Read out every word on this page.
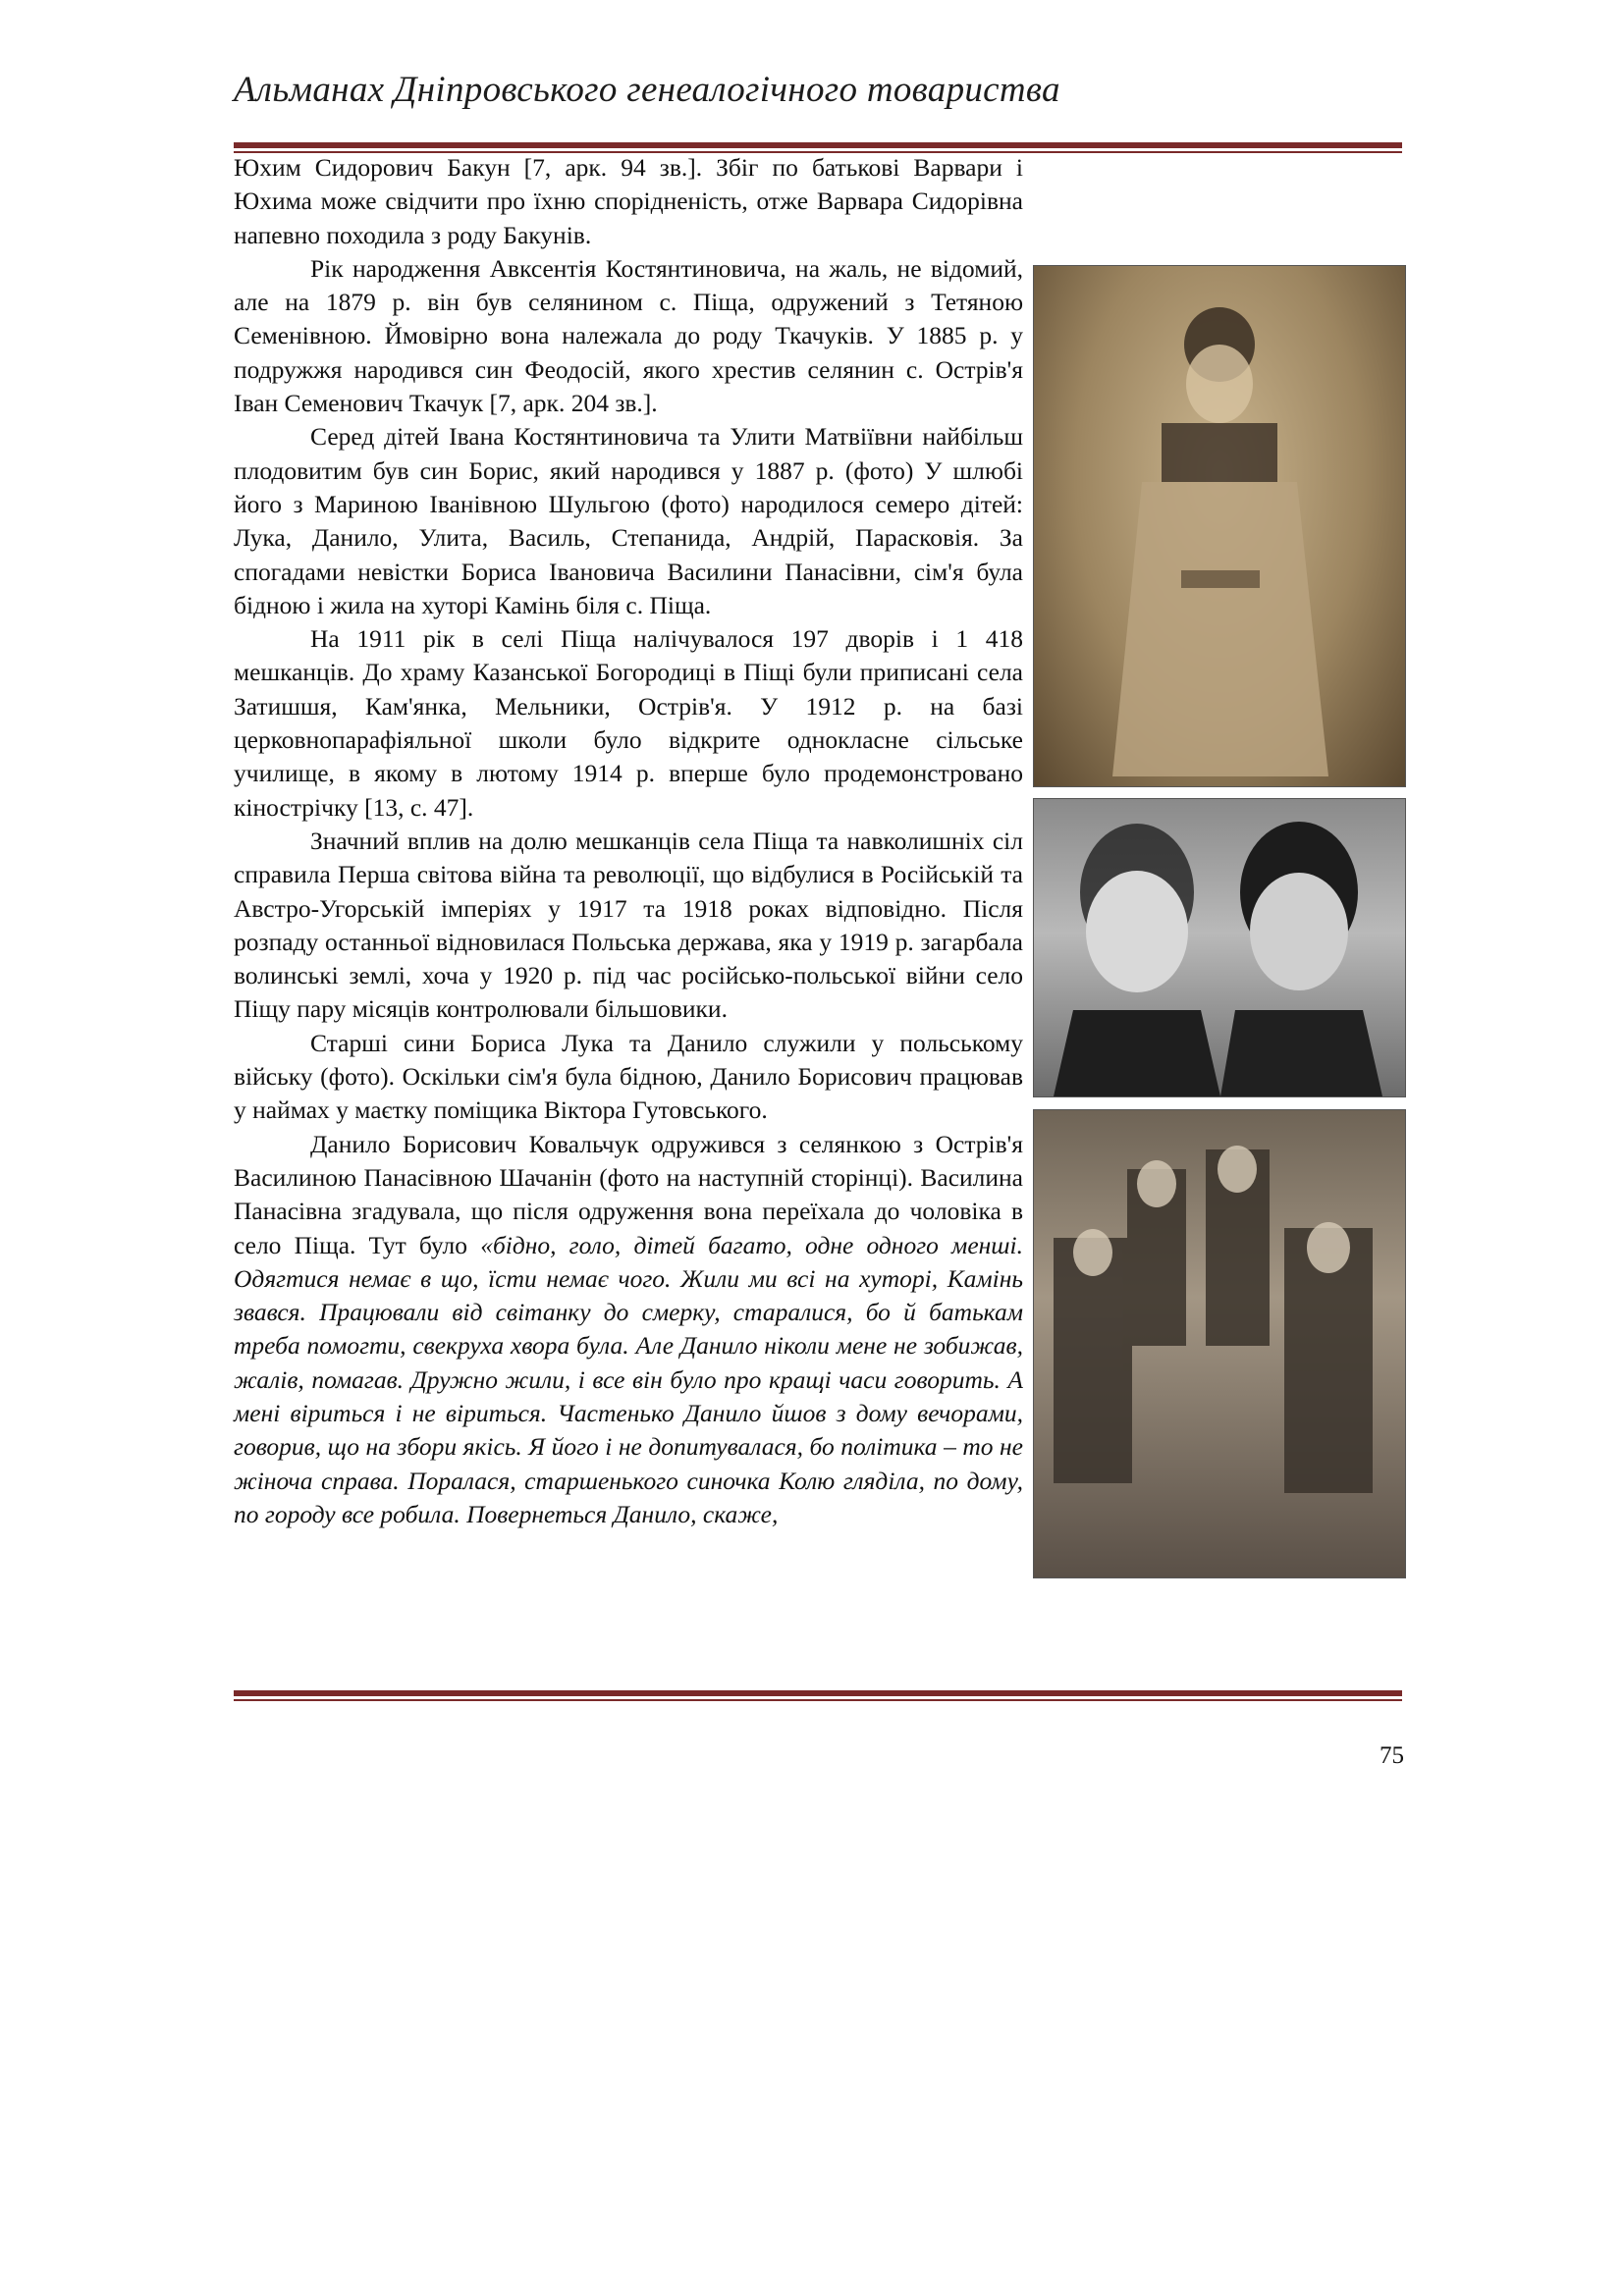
Альманах Дніпровського генеалогічного товариства

Юхим Сидорович Бакун [7, арк. 94 зв.]. Збіг по батькові Варвари і Юхима може свідчити про їхню спорідненість, отже Варвара Сидорівна напевно походила з роду Бакунів.

Рік народження Авксентія Костянтиновича, на жаль, не відомий, але на 1879 р. він був селянином с. Піща, одружений з Тетяною Семенівною. Ймовірно вона належала до роду Ткачуків. У 1885 р. у подружжя народився син Феодосій, якого хрестив селянин с. Острів'я Іван Семенович Ткачук [7, арк. 204 зв.].

Серед дітей Івана Костянтиновича та Улити Матвіївни найбільш плодовитим був син Борис, який народився у 1887 р. (фото) У шлюбі його з Мариною Іванівною Шульгою (фото) народилося семеро дітей: Лука, Данило, Улита, Василь, Степанида, Андрій, Парасковія. За спогадами невістки Бориса Івановича Василини Панасівни, сім'я була бідною і жила на хуторі Камінь біля с. Піща.

На 1911 рік в селі Піща налічувалося 197 дворів і 1 418 мешканців. До храму Казанської Богородиці в Піщі були приписані села Затишшя, Кам'янка, Мельники, Острів'я. У 1912 р. на базі церковнопарафіяльної школи було відкрите однокласне сільське училище, в якому в лютому 1914 р. вперше було продемонстровано кінострічку [13, с. 47].

Значний вплив на долю мешканців села Піща та навколишніх сіл справила Перша світова війна та революції, що відбулися в Російській та Австро-Угорській імперіях у 1917 та 1918 роках відповідно. Після розпаду останньої відновилася Польська держава, яка у 1919 р. загарбала волинські землі, хоча у 1920 р. під час російсько-польської війни село Піщу пару місяців контролювали більшовики.

Старші сини Бориса Лука та Данило служили у польському війську (фото). Оскільки сім'я була бідною, Данило Борисович працював у наймах у маєтку поміщика Віктора Гутовського.

Данило Борисович Ковальчук одружився з селянкою з Острів'я Василиною Панасівною Шачанін (фото на наступній сторінці). Василина Панасівна згадувала, що після одруження вона переїхала до чоловіка в село Піща. Тут було «бідно, голо, дітей багато, одне одного менші. Одягтися немає в що, їсти немає чого. Жили ми всі на хуторі, Камінь звався. Працювали від світанку до смерку, старалися, бо й батькам треба помогти, свекруха хвора була. Але Данило ніколи мене не зобижав, жалів, помагав. Дружно жили, і все він було про кращі часи говорить. А мені віриться і не віриться. Частенько Данило йшов з дому вечорами, говорив, що на збори якісь. Я його і не допитувалася, бо політика – то не жіноча справа. Поралася, старшенького синочка Колю гляділа, по дому, по городу все робила. Повернеться Данило, скаже,

75
